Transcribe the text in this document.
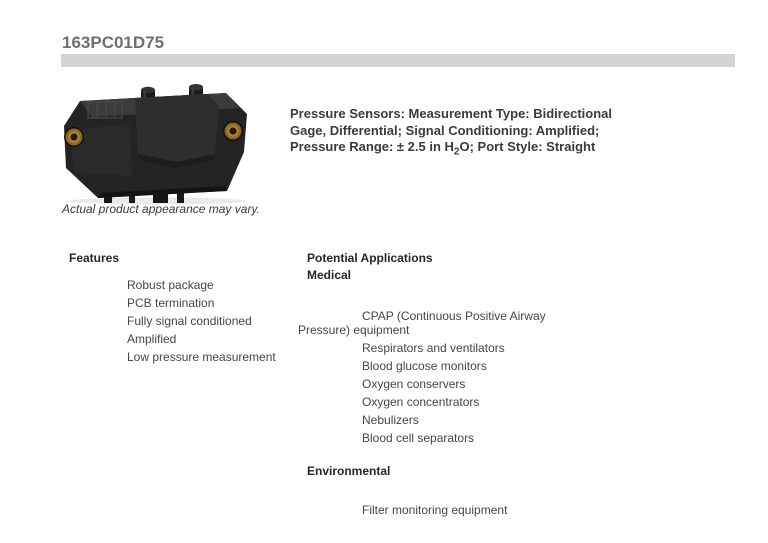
163PC01D75

Actual product appearance may vary.

Pressure Sensors: Measurement Type: Bidirectional Gage, Differential; Signal Conditioning: Amplified; Pressure Range: ± 2.5 in $H_2O$; Port Style: Straight

Features
Robust package
PCB termination
Fully signal conditioned
Amplified
Low pressure measurement
Potential Applications
Medical
CPAP (Continuous Positive Airway Pressure) equipment
Respirators and ventilators
Blood glucose monitors
Oxygen conservers
Oxygen concentrators
Nebulizers
Blood cell separators
Environmental
Filter monitoring equipment
